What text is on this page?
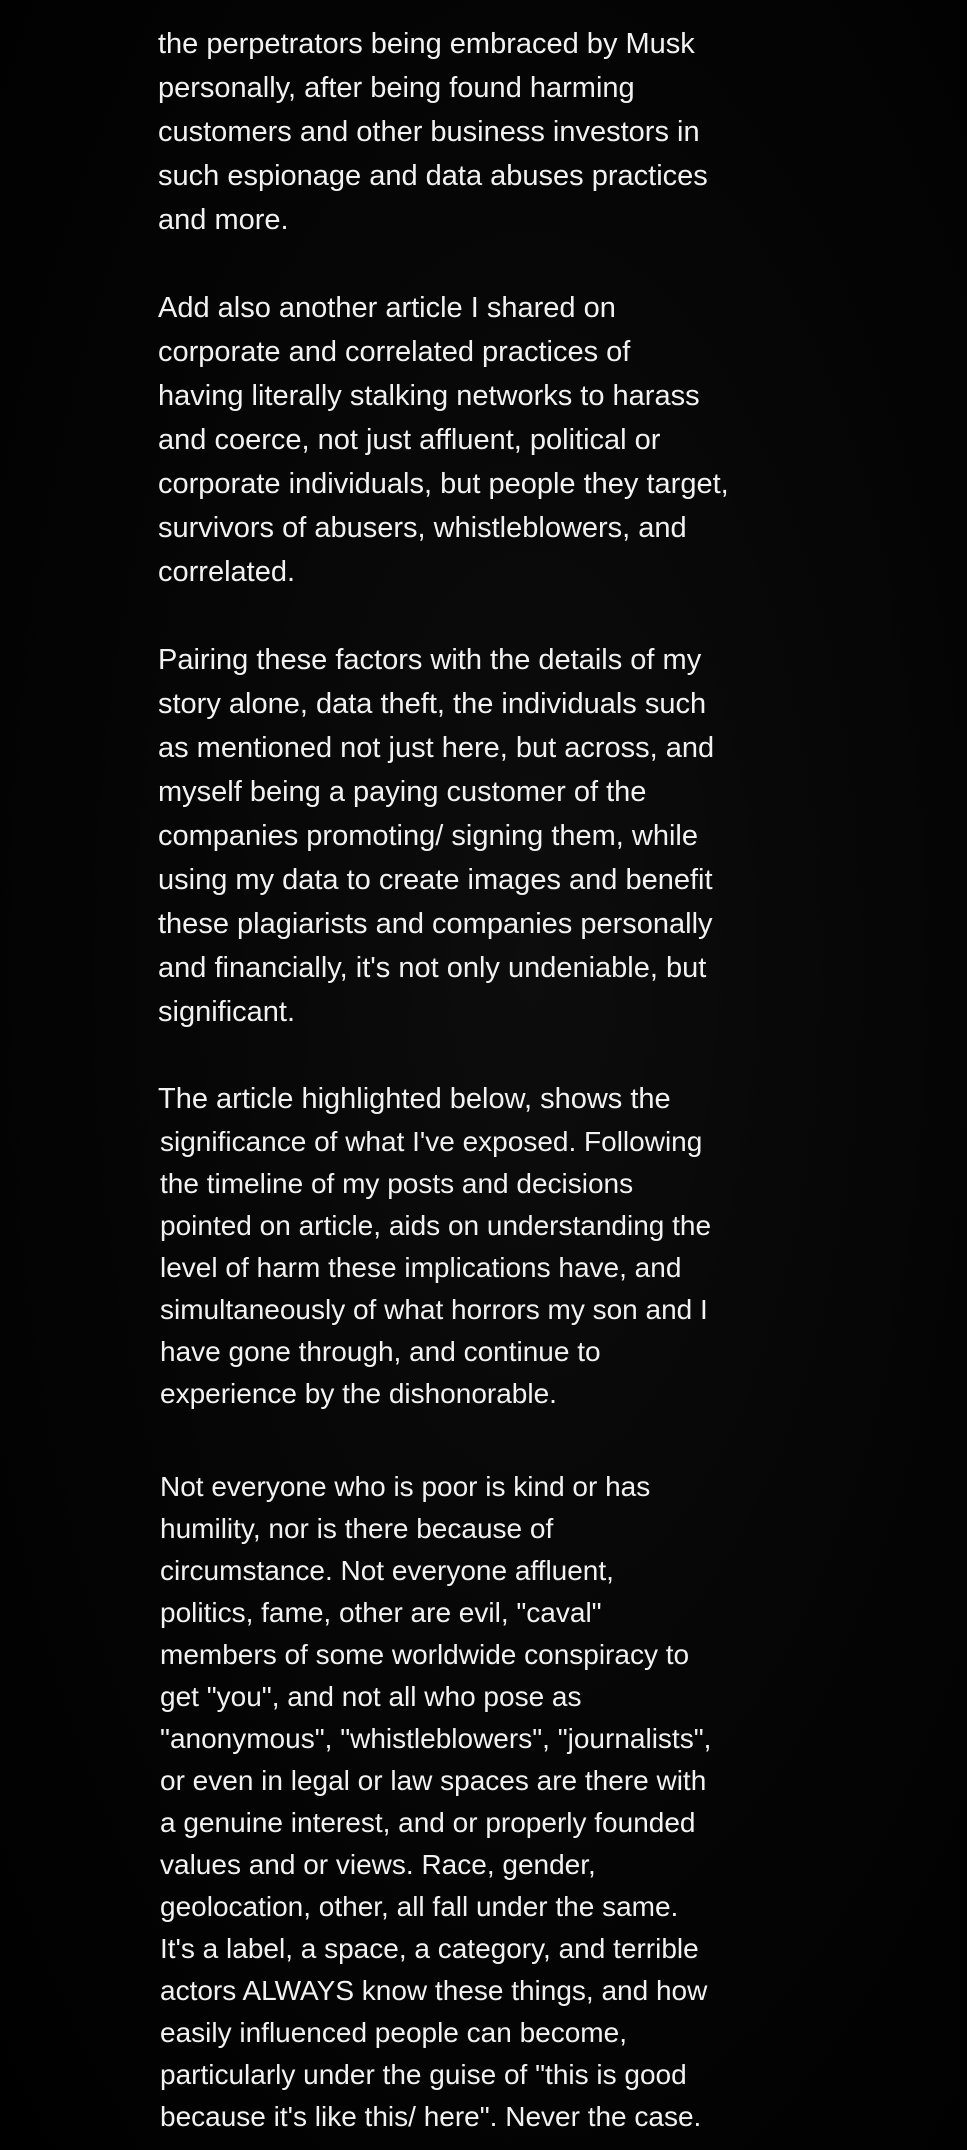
the perpetrators being embraced by Musk
personally, after being found harming
customers and other business investors in
such espionage and data abuses practices
and more.

Add also another article I shared on
corporate and correlated practices of
having literally stalking networks to harass
and coerce, not just affluent, political or
corporate individuals, but people they target,
survivors of abusers, whistleblowers, and
correlated.

Pairing these factors with the details of my
story alone, data theft, the individuals such
as mentioned not just here, but across, and
myself being a paying customer of the
companies promoting/ signing them, while
using my data to create images and benefit
these plagiarists and companies personally
and financially, it's not only undeniable, but
significant.

The article highlighted below, shows the
significance of what I've exposed. Following
the timeline of my posts and decisions
pointed on article, aids on understanding the
level of harm these implications have, and
simultaneously of what horrors my son and I
have gone through, and continue to
experience by the dishonorable.

Not everyone who is poor is kind or has
humility, nor is there because of
circumstance. Not everyone affluent,
politics, fame, other are evil, "caval"
members of some worldwide conspiracy to
get "you", and not all who pose as
"anonymous", "whistleblowers", "journalists",
or even in legal or law spaces are there with
a genuine interest, and or properly founded
values and or views. Race, gender,
geolocation, other, all fall under the same.
It's a label, a space, a category, and terrible
actors ALWAYS know these things, and how
easily influenced people can become,
particularly under the guise of "this is good
because it's like this/ here". Never the case.
